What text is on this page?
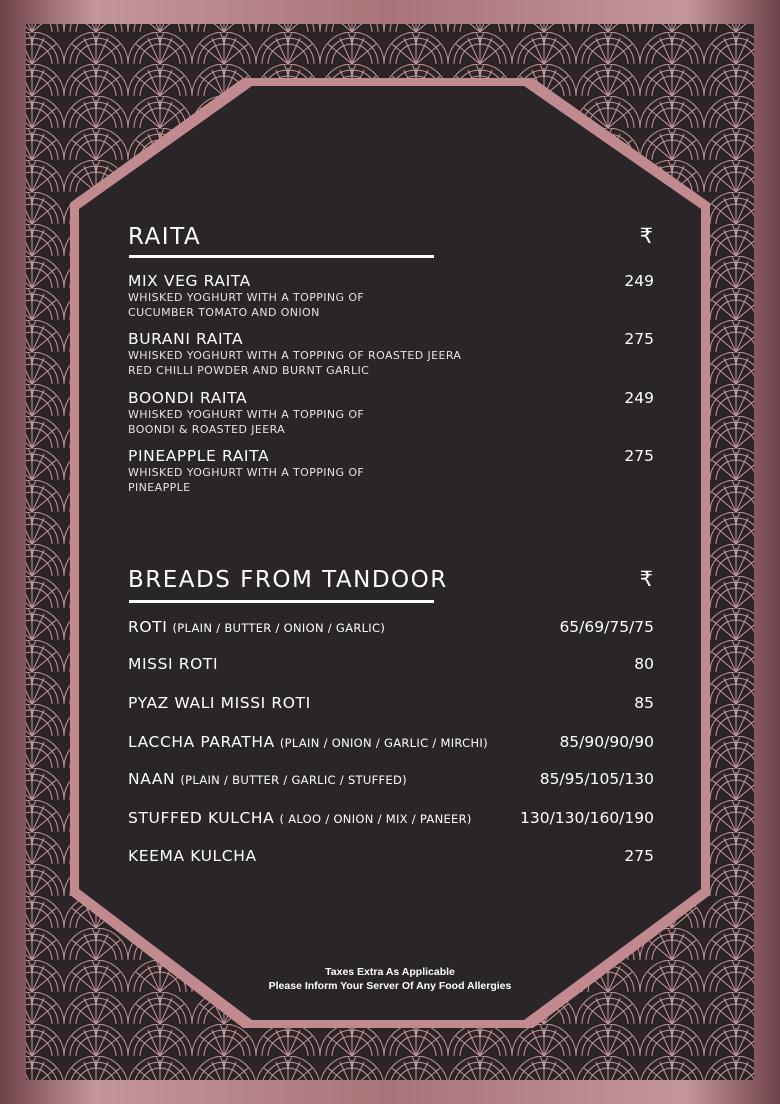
RAITA	₹
MIX VEG RAITA	249
WHISKED YOGHURT WITH A TOPPING OF
CUCUMBER TOMATO AND ONION
BURANI RAITA	275
WHISKED YOGHURT WITH A TOPPING OF ROASTED JEERA
RED CHILLI POWDER AND BURNT GARLIC
BOONDI RAITA	249
WHISKED YOGHURT WITH A TOPPING OF
BOONDI & ROASTED JEERA
PINEAPPLE RAITA	275
WHISKED YOGHURT WITH A TOPPING OF
PINEAPPLE
BREADS FROM TANDOOR	₹
ROTI (PLAIN / BUTTER / ONION / GARLIC)	65/69/75/75
MISSI ROTI	80
PYAZ WALI MISSI ROTI	85
LACCHA PARATHA (PLAIN / ONION / GARLIC / MIRCHI)	85/90/90/90
NAAN (PLAIN / BUTTER / GARLIC / STUFFED)	85/95/105/130
STUFFED KULCHA ( ALOO / ONION / MIX / PANEER)	130/130/160/190
KEEMA KULCHA	275
Taxes Extra As Applicable
Please Inform Your Server Of Any Food Allergies
